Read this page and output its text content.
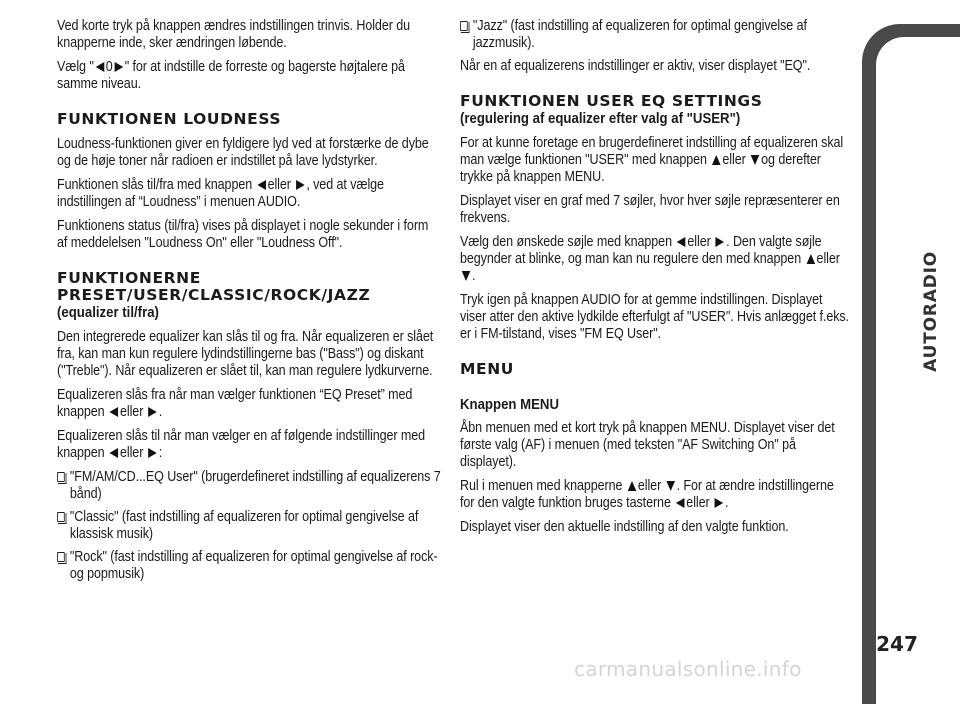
Ved korte tryk på knappen ændres indstillingen trinvis. Holder du knapperne inde, sker ændringen løbende.

Vælg " 0 " for at indstille de forreste og bagerste højtalere på samme niveau.

FUNKTIONEN LOUDNESS

Loudness-funktionen giver en fyldigere lyd ved at forstærke de dybe og de høje toner når radioen er indstillet på lave lydstyrker.

Funktionen slås til/fra med knappen eller , ved at vælge indstillingen af “Loudness” i menuen AUDIO.

Funktionens status (til/fra) vises på displayet i nogle sekunder i form af meddelelsen "Loudness On" eller "Loudness Off".

FUNKTIONERNE
PRESET/USER/CLASSIC/ROCK/JAZZ
(equalizer til/fra)

Den integrerede equalizer kan slås til og fra. Når equalizeren er slået fra, kan man kun regulere lydindstillingerne bas ("Bass") og diskant ("Treble"). Når equalizeren er slået til, kan man regulere lydkurverne.

Equalizeren slås fra når man vælger funktionen “EQ Preset” med knappen eller .

Equalizeren slås til når man vælger en af følgende indstillinger med knappen eller :

"FM/AM/CD...EQ User" (brugerdefineret indstilling af equalizerens 7 bånd)

"Classic" (fast indstilling af equalizeren for optimal gengivelse af klassisk musik)

"Rock" (fast indstilling af equalizeren for optimal gengivelse af rock- og popmusik)

"Jazz" (fast indstilling af equalizeren for optimal gengivelse af jazzmusik).

Når en af equalizerens indstillinger er aktiv, viser displayet "EQ".

FUNKTIONEN USER EQ SETTINGS
(regulering af equalizer efter valg af "USER")

For at kunne foretage en brugerdefineret indstilling af equalizeren skal man vælge funktionen "USER" med knappen eller og derefter trykke på knappen MENU.

Displayet viser en graf med 7 søjler, hvor hver søjle repræsenterer en frekvens.

Vælg den ønskede søjle med knappen eller . Den valgte søjle begynder at blinke, og man kan nu regulere den med knappen eller .

Tryk igen på knappen AUDIO for at gemme indstillingen. Displayet viser atter den aktive lydkilde efterfulgt af "USER". Hvis anlægget f.eks. er i FM-tilstand, vises "FM EQ User".

MENU
Knappen MENU

Åbn menuen med et kort tryk på knappen MENU. Displayet viser det første valg (AF) i menuen (med teksten "AF Switching On" på displayet).

Rul i menuen med knapperne eller . For at ændre indstillingerne for den valgte funktion bruges tasterne eller .

Displayet viser den aktuelle indstilling af den valgte funktion.

AUTORADIO
247
carmanualsonline.info
